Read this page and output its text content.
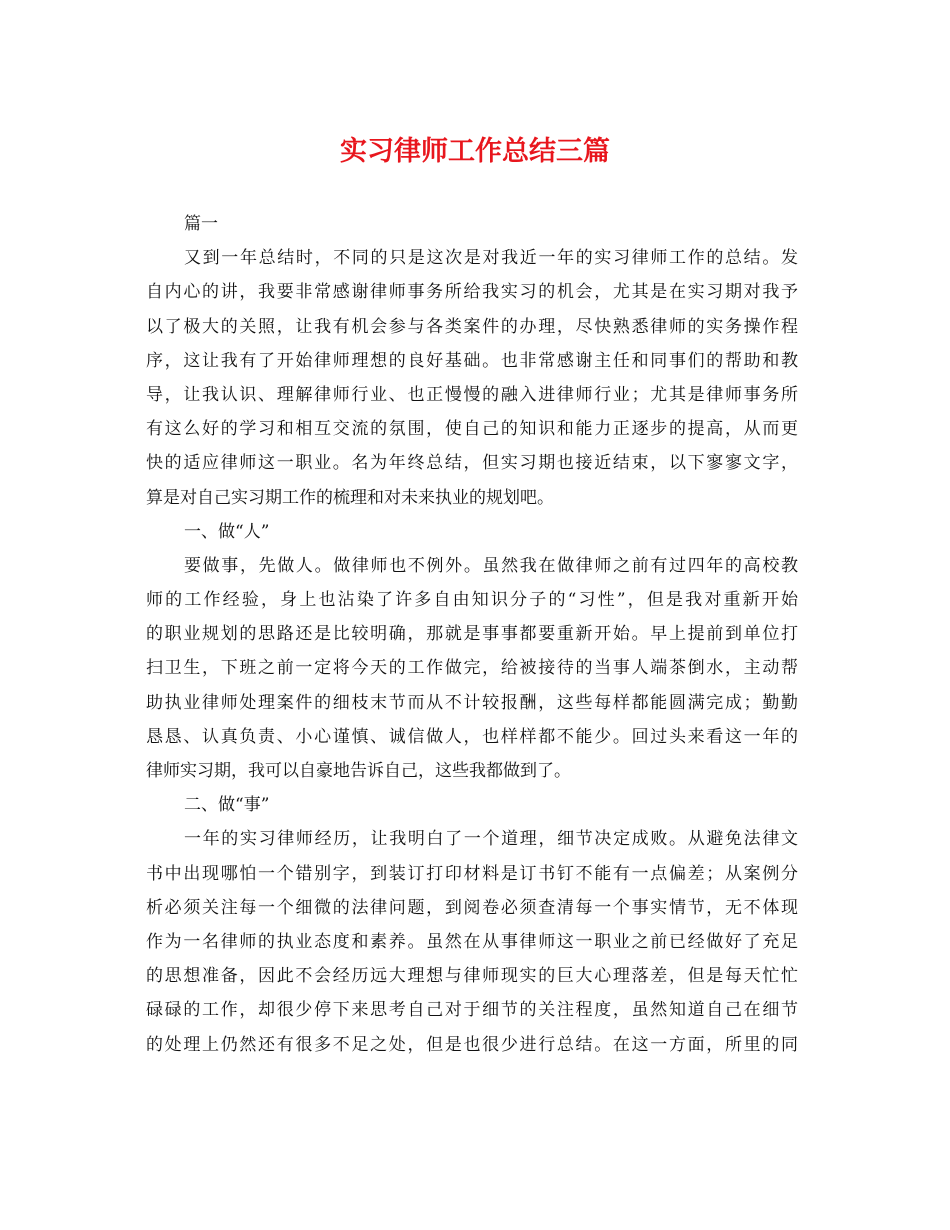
实习律师工作总结三篇
篇一
又到一年总结时，不同的只是这次是对我近一年的实习律师工作的总结。发
自内心的讲，我要非常感谢律师事务所给我实习的机会，尤其是在实习期对我予
以了极大的关照，让我有机会参与各类案件的办理，尽快熟悉律师的实务操作程
序，这让我有了开始律师理想的良好基础。也非常感谢主任和同事们的帮助和教
导，让我认识、理解律师行业、也正慢慢的融入进律师行业；尤其是律师事务所
有这么好的学习和相互交流的氛围，使自己的知识和能力正逐步的提高，从而更
快的适应律师这一职业。名为年终总结，但实习期也接近结束，以下寥寥文字，
算是对自己实习期工作的梳理和对未来执业的规划吧。
一、做“人”
要做事，先做人。做律师也不例外。虽然我在做律师之前有过四年的高校教
师的工作经验，身上也沾染了许多自由知识分子的“习性”，但是我对重新开始
的职业规划的思路还是比较明确，那就是事事都要重新开始。早上提前到单位打
扫卫生，下班之前一定将今天的工作做完，给被接待的当事人端茶倒水，主动帮
助执业律师处理案件的细枝末节而从不计较报酬，这些每样都能圆满完成；勤勤
恳恳、认真负责、小心谨慎、诚信做人，也样样都不能少。回过头来看这一年的
律师实习期，我可以自豪地告诉自己，这些我都做到了。
二、做“事”
一年的实习律师经历，让我明白了一个道理，细节决定成败。从避免法律文
书中出现哪怕一个错别字，到装订打印材料是订书钉不能有一点偏差；从案例分
析必须关注每一个细微的法律问题，到阅卷必须查清每一个事实情节，无不体现
作为一名律师的执业态度和素养。虽然在从事律师这一职业之前已经做好了充足
的思想准备，因此不会经历远大理想与律师现实的巨大心理落差，但是每天忙忙
碌碌的工作，却很少停下来思考自己对于细节的关注程度，虽然知道自己在细节
的处理上仍然还有很多不足之处，但是也很少进行总结。在这一方面，所里的同
